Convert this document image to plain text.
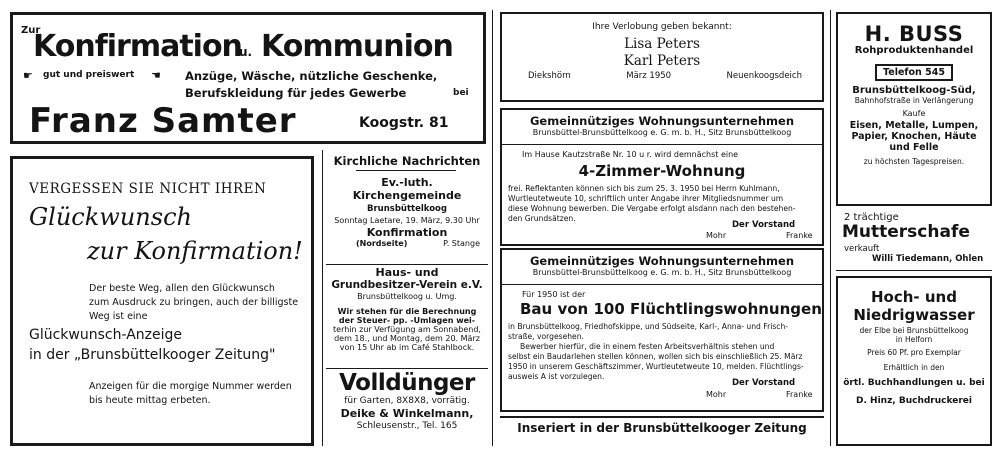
Zur
Konfirmation
u. Kommunion
☛ gut und preiswert ☚ Anzüge, Wäsche, nützliche Geschenke,
Berufskleidung für jedes Gewerbe	bei
Franz Samter	Koogstr. 81
VERGESSEN SIE NICHT IHREN
Glückwunsch
zur Konfirmation!
Der beste Weg, allen den Glückwunsch
zum Ausdruck zu bringen, auch der billigste
Weg ist eine
Glückwunsch-Anzeige
in der „Brunsbüttelkooger Zeitung"
Anzeigen für die morgige Nummer werden
bis heute mittag erbeten.
Kirchliche Nachrichten
Ev.-luth.
Kirchengemeinde
Brunsbüttelkoog
Sonntag Laetare, 19. März, 9.30 Uhr
Konfirmation
(Nordseite)	P. Stange
Haus- und
Grundbesitzer-Verein e.V.
Brunsbüttelkoog u. Umg.
Wir stehen für die Berechnung
der Steuer- pp. -Umlagen wei-
terhin zur Verfügung am Sonnabend,
dem 18., und Montag, dem 20. März
von 15 Uhr ab im Café Stahlbock.
Volldünger
für Garten, 8X8X8, vorrätig.
Deike & Winkelmann,
Schleusenstr., Tel. 165
Ihre Verlobung geben bekannt:
Lisa Peters
Karl Peters
Dieksһörn	März 1950	Neuenkoogsdeich
Gemeinnütziges Wohnungsunternehmen
Brunsbüttel-Brunsbüttelkoog e. G. m. b. H., Sitz Brunsbüttelkoog
Im Hause Kautzstraße Nr. 10 u r. wird demnächst eine
4-Zimmer-Wohnung
frei. Reflektanten können sich bis zum 25. 3. 1950 bei Herrn Kuhlmann,
Wurtleutetweute 10, schriftlich unter Angabe ihrer Mitgliedsnummer um
diese Wohnung bewerben. Die Vergabe erfolgt alsdann nach den bestehen-
den Grundsätzen.
Der Vorstand
Mohr	Franke
Gemeinnütziges Wohnungsunternehmen
Brunsbüttel-Brunsbüttelkoog e. G. m. b. H., Sitz Brunsbüttelkoog
Für 1950 ist der
Bau von 100 Flüchtlingswohnungen
in Brunsbüttelkoog, Friedhofskippe, und Südseite, Karl-, Anna- und Frisch-
straße, vorgesehen.
Bewerber hierfür, die in einem festen Arbeitsverhältnis stehen und
selbst ein Baudarlehen stellen können, wollen sich bis einschließlich 25. März
1950 in unserem Geschäftszimmer, Wurtleutetweute 10, melden. Flüchtlings-
ausweis A ist vorzulegen.
Der Vorstand
Mohr	Franke
Inseriert in der Brunsbüttelkooger Zeitung
H. BUSS
Rohproduktenhandel
Telefon 545
Brunsbüttelkoog-Süd,
Bahnhofstraße in Verlängerung
Kaufe
Eisen, Metalle, Lumpen,
Papier, Knochen, Häute
und Felle
zu höchsten Tagespreisen.
2 trächtige
Mutterschafe
verkauft
Willi Tiedemann, Ohlen
Hoch- und
Niedrigwasser
der Elbe bei Brunsbüttelkoog
in Helforn
Preis 60 Pf. pro Exemplar
Erhältlich in den
örtl. Buchhandlungen u. bei
D. Hinz, Buchdruckerei
